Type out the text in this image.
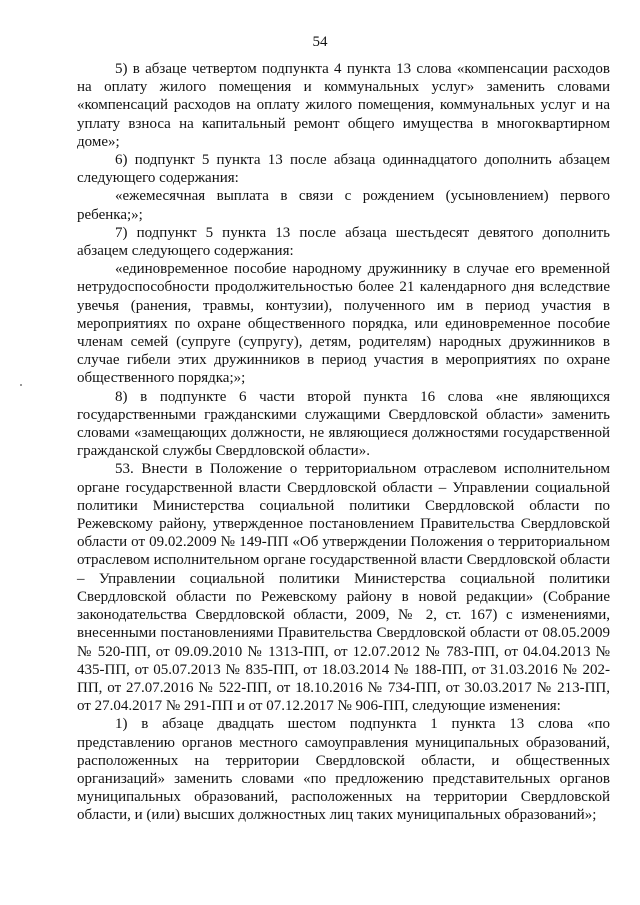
54

5) в абзаце четвертом подпункта 4 пункта 13 слова «компенсации расходов на оплату жилого помещения и коммунальных услуг» заменить словами «компенсаций расходов на оплату жилого помещения, коммунальных услуг и на уплату взноса на капитальный ремонт общего имущества в многоквартирном доме»;

6) подпункт 5 пункта 13 после абзаца одиннадцатого дополнить абзацем следующего содержания:

«ежемесячная выплата в связи с рождением (усыновлением) первого ребенка;»;

7) подпункт 5 пункта 13 после абзаца шестьдесят девятого дополнить абзацем следующего содержания:

«единовременное пособие народному дружиннику в случае его временной нетрудоспособности продолжительностью более 21 календарного дня вследствие увечья (ранения, травмы, контузии), полученного им в период участия в мероприятиях по охране общественного порядка, или единовременное пособие членам семей (супруге (супругу), детям, родителям) народных дружинников в случае гибели этих дружинников в период участия в мероприятиях по охране общественного порядка;»;

8) в подпункте 6 части второй пункта 16 слова «не являющихся государственными гражданскими служащими Свердловской области» заменить словами «замещающих должности, не являющиеся должностями государственной гражданской службы Свердловской области».

53. Внести в Положение о территориальном отраслевом исполнительном органе государственной власти Свердловской области – Управлении социальной политики Министерства социальной политики Свердловской области по Режевскому району, утвержденное постановлением Правительства Свердловской области от 09.02.2009 № 149-ПП «Об утверждении Положения о территориальном отраслевом исполнительном органе государственной власти Свердловской области – Управлении социальной политики Министерства социальной политики Свердловской области по Режевскому району в новой редакции» (Собрание законодательства Свердловской области, 2009, № 2, ст. 167) с изменениями, внесенными постановлениями Правительства Свердловской области от 08.05.2009 № 520-ПП, от 09.09.2010 № 1313-ПП, от 12.07.2012 № 783-ПП, от 04.04.2013 № 435-ПП, от 05.07.2013 № 835-ПП, от 18.03.2014 № 188-ПП, от 31.03.2016 № 202-ПП, от 27.07.2016 № 522-ПП, от 18.10.2016 № 734-ПП, от 30.03.2017 № 213-ПП, от 27.04.2017 № 291-ПП и от 07.12.2017 № 906-ПП, следующие изменения:

1) в абзаце двадцать шестом подпункта 1 пункта 13 слова «по представлению органов местного самоуправления муниципальных образований, расположенных на территории Свердловской области, и общественных организаций» заменить словами «по предложению представительных органов муниципальных образований, расположенных на территории Свердловской области, и (или) высших должностных лиц таких муниципальных образований»;
